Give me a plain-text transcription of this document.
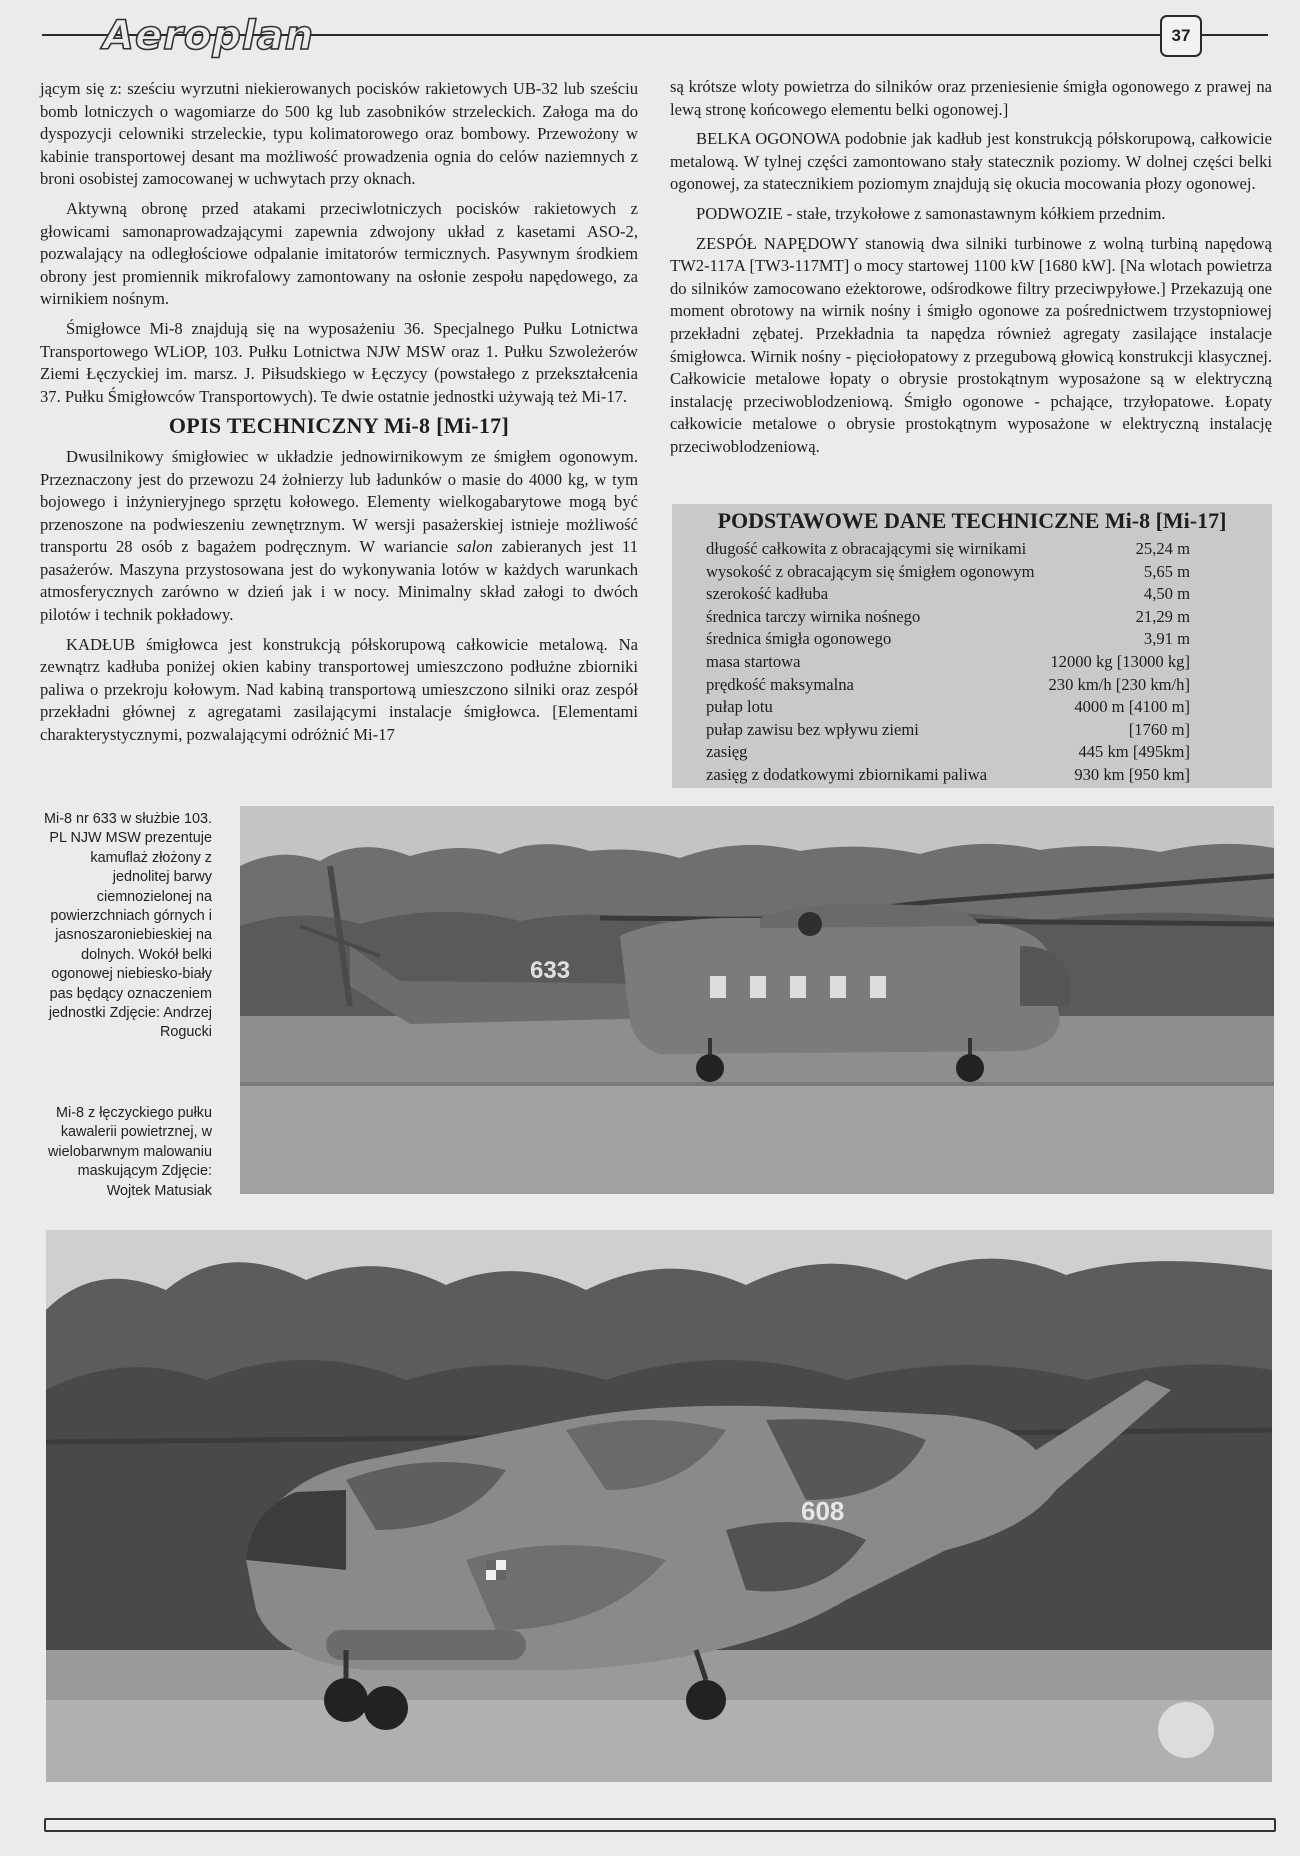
Aeroplan	37

jącym się z: sześciu wyrzutni niekierowanych pocisków rakietowych UB-32 lub sześciu bomb lotniczych o wagomiarze do 500 kg lub zasobników strzeleckich. Załoga ma do dyspozycji celowniki strzeleckie, typu kolimatorowego oraz bombowy. Przewożony w kabinie transportowej desant ma możliwość prowadzenia ognia do celów naziemnych z broni osobistej zamocowanej w uchwytach przy oknach.

Aktywną obronę przed atakami przeciwlotniczych pocisków rakietowych z głowicami samonaprowadzającymi zapewnia zdwojony układ z kasetami ASO-2, pozwalający na odległościowe odpalanie imitatorów termicznych. Pasywnym środkiem obrony jest promiennik mikrofalowy zamontowany na osłonie zespołu napędowego, za wirnikiem nośnym.

Śmigłowce Mi-8 znajdują się na wyposażeniu 36. Specjalnego Pułku Lotnictwa Transportowego WLiOP, 103. Pułku Lotnictwa NJW MSW oraz 1. Pułku Szwoleżerów Ziemi Łęczyckiej im. marsz. J. Piłsudskiego w Łęczycy (powstałego z przekształcenia 37. Pułku Śmigłowców Transportowych). Te dwie ostatnie jednostki używają też Mi-17.

OPIS TECHNICZNY Mi-8 [Mi-17]

Dwusilnikowy śmigłowiec w układzie jednowirnikowym ze śmigłem ogonowym. Przeznaczony jest do przewozu 24 żołnierzy lub ładunków o masie do 4000 kg, w tym bojowego i inżynieryjnego sprzętu kołowego. Elementy wielkogabarytowe mogą być przenoszone na podwieszeniu zewnętrznym. W wersji pasażerskiej istnieje możliwość transportu 28 osób z bagażem podręcznym. W wariancie salon zabieranych jest 11 pasażerów. Maszyna przystosowana jest do wykonywania lotów w każdych warunkach atmosferycznych zarówno w dzień jak i w nocy. Minimalny skład załogi to dwóch pilotów i technik pokładowy.

KADŁUB śmigłowca jest konstrukcją półskorupową całkowicie metalową. Na zewnątrz kadłuba poniżej okien kabiny transportowej umieszczono podłużne zbiorniki paliwa o przekroju kołowym. Nad kabiną transportową umieszczono silniki oraz zespół przekładni głównej z agregatami zasilającymi instalacje śmigłowca. [Elementami charakterystycznymi, pozwalającymi odróżnić Mi-17

są krótsze wloty powietrza do silników oraz przeniesienie śmigła ogonowego z prawej na lewą stronę końcowego elementu belki ogonowej.]

BELKA OGONOWA podobnie jak kadłub jest konstrukcją półskorupową, całkowicie metalową. W tylnej części zamontowano stały statecznik poziomy. W dolnej części belki ogonowej, za statecznikiem poziomym znajdują się okucia mocowania płozy ogonowej.

PODWOZIE - stałe, trzykołowe z samonastawnym kółkiem przednim.

ZESPÓŁ NAPĘDOWY stanowią dwa silniki turbinowe z wolną turbiną napędową TW2-117A [TW3-117MT] o mocy startowej 1100 kW [1680 kW]. [Na wlotach powietrza do silników zamocowano eżektorowe, odśrodkowe filtry przeciwpyłowe.] Przekazują one moment obrotowy na wirnik nośny i śmigło ogonowe za pośrednictwem trzystopniowej przekładni zębatej. Przekładnia ta napędza również agregaty zasilające instalacje śmigłowca. Wirnik nośny - pięciołopatowy z przegubową głowicą konstrukcji klasycznej. Całkowicie metalowe łopaty o obrysie prostokątnym wyposażone są w elektryczną instalację przeciwoblodzeniową. Śmigło ogonowe - pchające, trzyłopatowe. Łopaty całkowicie metalowe o obrysie prostokątnym wyposażone w elektryczną instalację przeciwoblodzeniową.

PODSTAWOWE DANE TECHNICZNE Mi-8 [Mi-17]
długość całkowita z obracającymi się wirnikami	25,24 m
wysokość z obracającym się śmigłem ogonowym	5,65 m
szerokość kadłuba	4,50 m
średnica tarczy wirnika nośnego	21,29 m
średnica śmigła ogonowego	3,91 m
masa startowa	12000 kg [13000 kg]
prędkość maksymalna	230 km/h [230 km/h]
pułap lotu	4000 m [4100 m]
pułap zawisu bez wpływu ziemi	[1760 m]
zasięg	445 km [495km]
zasięg z dodatkowymi zbiornikami paliwa	930 km [950 km]
Mi-8 nr 633 w służbie 103. PL NJW MSW prezentuje kamuflaż złożony z jednolitej barwy ciemnozielonej na powierzchniach górnych i jasnoszaroniebieskiej na dolnych. Wokół belki ogonowej niebiesko-biały pas będący oznaczeniem jednostki Zdjęcie: Andrzej Rogucki
Mi-8 z łęczyckiego pułku kawalerii powietrznej, w wielobarwnym malowaniu maskującym Zdjęcie: Wojtek Matusiak
633
608
